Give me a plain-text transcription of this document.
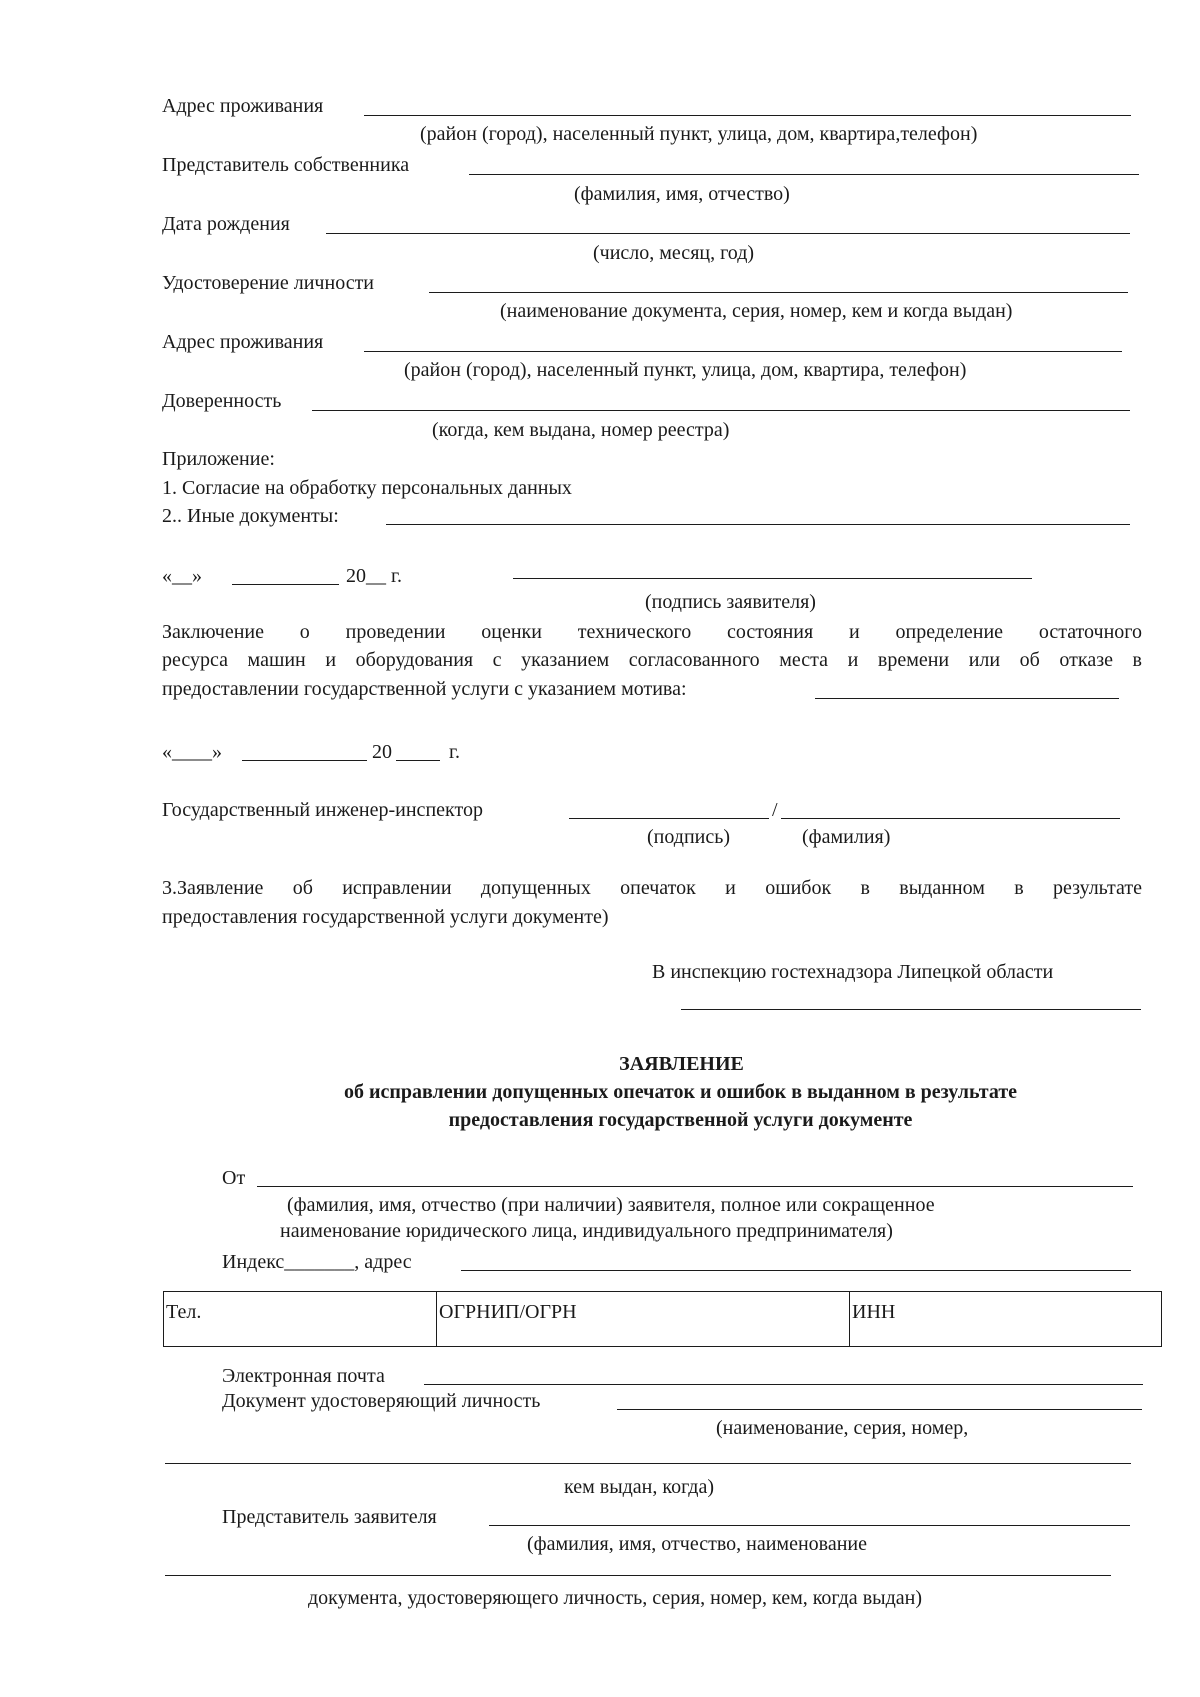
Адрес проживания
(район (город), населенный пункт, улица, дом, квартира,телефон)
Представитель собственника
(фамилия, имя, отчество)
Дата рождения
(число, месяц, год)
Удостоверение личности
(наименование документа, серия, номер, кем и когда выдан)
Адрес проживания
(район (город), населенный пункт, улица, дом, квартира, телефон)
Доверенность
(когда, кем выдана, номер реестра)
Приложение:
1. Согласие на обработку персональных данных
2.. Иные документы:
«__»	20__ г.
(подпись заявителя)
Заключение о проведении оценки технического состояния и определение остаточного
ресурса машин и оборудования с указанием согласованного места и времени или об отказе в
предоставлении государственной услуги с указанием мотива:
«____»	20	г.
Государственный инженер-инспектор	/
(подпись)	(фамилия)
3.Заявление об исправлении допущенных опечаток и ошибок в выданном в результате
предоставления государственной услуги документе)
В инспекцию гостехнадзора Липецкой области
ЗАЯВЛЕНИЕ
об исправлении допущенных опечаток и ошибок в выданном в результате
предоставления государственной услуги документе
От
(фамилия, имя, отчество (при наличии) заявителя, полное или сокращенное
наименование юридического лица, индивидуального предпринимателя)
Индекс_______, адрес
Тел.	ОГРНИП/ОГРН	ИНН
Электронная почта
Документ удостоверяющий личность
(наименование, серия, номер,
кем выдан, когда)
Представитель заявителя
(фамилия, имя, отчество, наименование
документа, удостоверяющего личность, серия, номер, кем, когда выдан)
